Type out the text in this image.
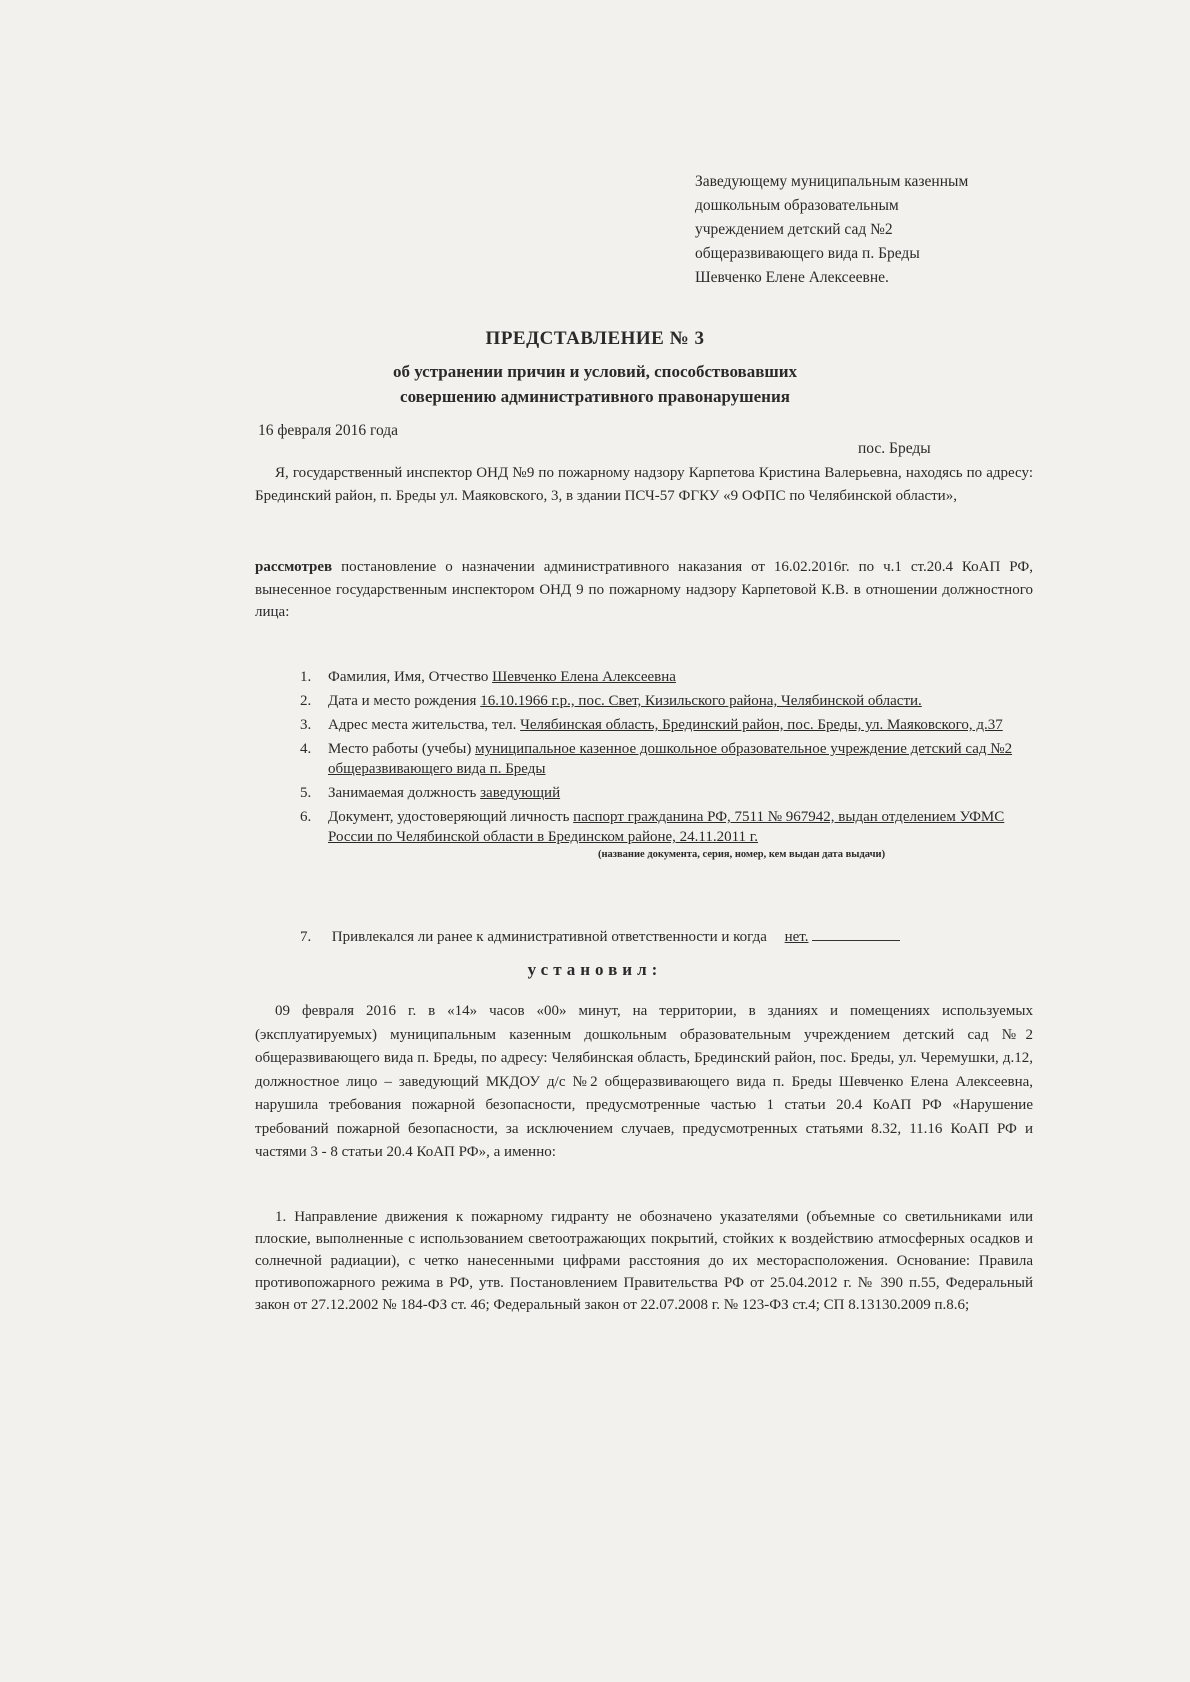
Заведующему муниципальным казенным
дошкольным образовательным
учреждением детский сад №2
общеразвивающего вида п. Бреды
Шевченко Елене Алексеевне.
ПРЕДСТАВЛЕНИЕ № 3
об устранении причин и условий, способствовавших
совершению административного правонарушения
16 февраля 2016 года
пос. Бреды
Я, государственный инспектор ОНД №9 по пожарному надзору Карпетова Кристина Валерьевна, находясь по адресу: Брединский район, п. Бреды ул. Маяковского, 3, в здании ПСЧ-57 ФГКУ «9 ОФПС по Челябинской области»,
рассмотрев постановление о назначении административного наказания от 16.02.2016г. по ч.1 ст.20.4 КоАП РФ, вынесенное государственным инспектором ОНД 9 по пожарному надзору Карпетовой К.В. в отношении должностного лица:
1. Фамилия, Имя, Отчество Шевченко Елена Алексеевна
2. Дата и место рождения 16.10.1966 г.р., пос. Свет, Кизильского района, Челябинской области.
3. Адрес места жительства, тел. Челябинская область, Брединский район, пос. Бреды, ул. Маяковского, д.37
4. Место работы (учебы) муниципальное казенное дошкольное образовательное учреждение детский сад №2 общеразвивающего вида п. Бреды
5. Занимаемая должность заведующий
6. Документ, удостоверяющий личность паспорт гражданина РФ, 7511 № 967942, выдан отделением УФМС России по Челябинской области в Брединском районе, 24.11.2011 г.
(название документа, серия, номер, кем выдан дата выдачи)
7. Привлекался ли ранее к административной ответственности и когда нет.
установил:
09 февраля 2016 г. в «14» часов «00» минут, на территории, в зданиях и помещениях используемых (эксплуатируемых) муниципальным казенным дошкольным образовательным учреждением детский сад №2 общеразвивающего вида п. Бреды, по адресу: Челябинская область, Брединский район, пос. Бреды, ул. Черемушки, д.12, должностное лицо – заведующий МКДОУ д/с №2 общеразвивающего вида п. Бреды Шевченко Елена Алексеевна, нарушила требования пожарной безопасности, предусмотренные частью 1 статьи 20.4 КоАП РФ «Нарушение требований пожарной безопасности, за исключением случаев, предусмотренных статьями 8.32, 11.16 КоАП РФ и частями 3 - 8 статьи 20.4 КоАП РФ», а именно:
1. Направление движения к пожарному гидранту не обозначено указателями (объемные со светильниками или плоские, выполненные с использованием светоотражающих покрытий, стойких к воздействию атмосферных осадков и солнечной радиации), с четко нанесенными цифрами расстояния до их месторасположения. Основание: Правила противопожарного режима в РФ, утв. Постановлением Правительства РФ от 25.04.2012 г. № 390 п.55, Федеральный закон от 27.12.2002 № 184-ФЗ ст. 46; Федеральный закон от 22.07.2008 г. № 123-ФЗ ст.4; СП 8.13130.2009 п.8.6;
